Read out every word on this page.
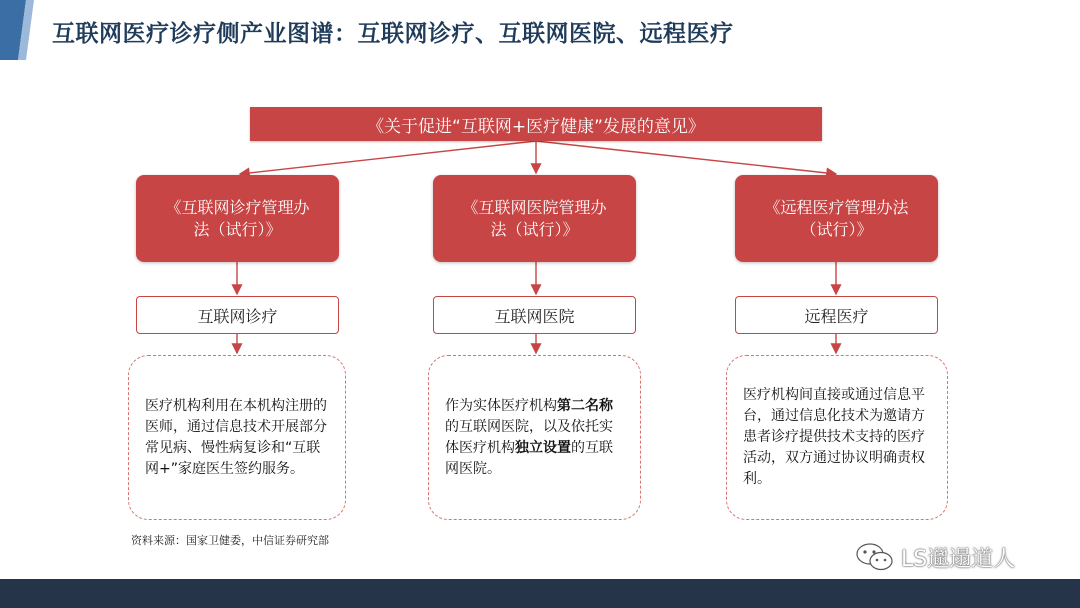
互联网医疗诊疗侧产业图谱：互联网诊疗、互联网医院、远程医疗
《关于促进“互联网+医疗健康”发展的意见》
《互联网诊疗管理办
法（试行）》
互联网诊疗
医疗机构利用在本机构注册的医师，通过信息技术开展部分常见病、慢性病复诊和“互联网+”家庭医生签约服务。
《互联网医院管理办
法（试行）》
互联网医院
作为实体医疗机构第二名称的互联网医院，以及依托实体医疗机构独立设置的互联网医院。
《远程医疗管理办法
（试行）》
远程医疗
医疗机构间直接或通过信息平台，通过信息化技术为邀请方患者诊疗提供技术支持的医疗活动，双方通过协议明确责权利。
资料来源：国家卫健委，中信证券研究部
LS邋遢道人
